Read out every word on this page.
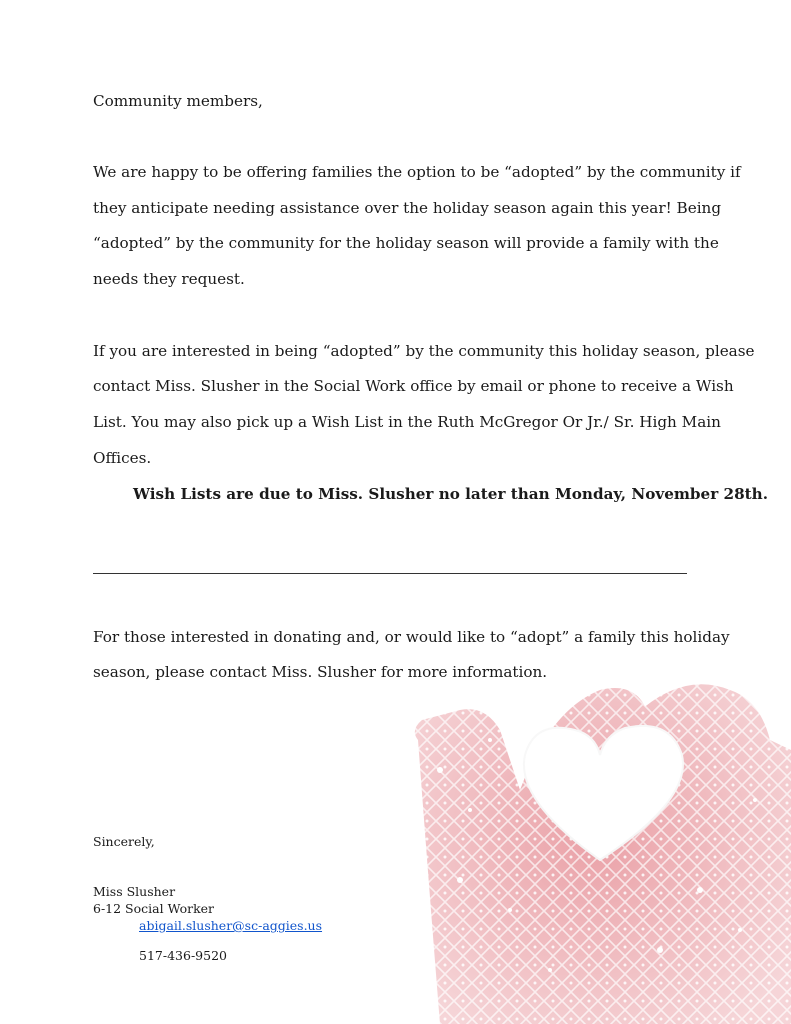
Community members,
We are happy to be offering families the option to be “adopted” by the community if
they anticipate needing assistance over the holiday season again this year! Being
“adopted” by the community for the holiday season will provide a family with the
needs they request.
If you are interested in being “adopted” by the community this holiday season, please
contact Miss. Slusher in the Social Work office by email or phone to receive a Wish
List. You may also pick up a Wish List in the Ruth McGregor Or Jr./ Sr. High Main
Offices.
Wish Lists are due to Miss. Slusher no later than Monday, November 28th.
For those interested in donating and, or would like to “adopt” a family this holiday
season, please contact Miss. Slusher for more information.
Sincerely,
Miss Slusher
6-12 Social Worker
abigail.slusher@sc-aggies.us
517-436-9520
